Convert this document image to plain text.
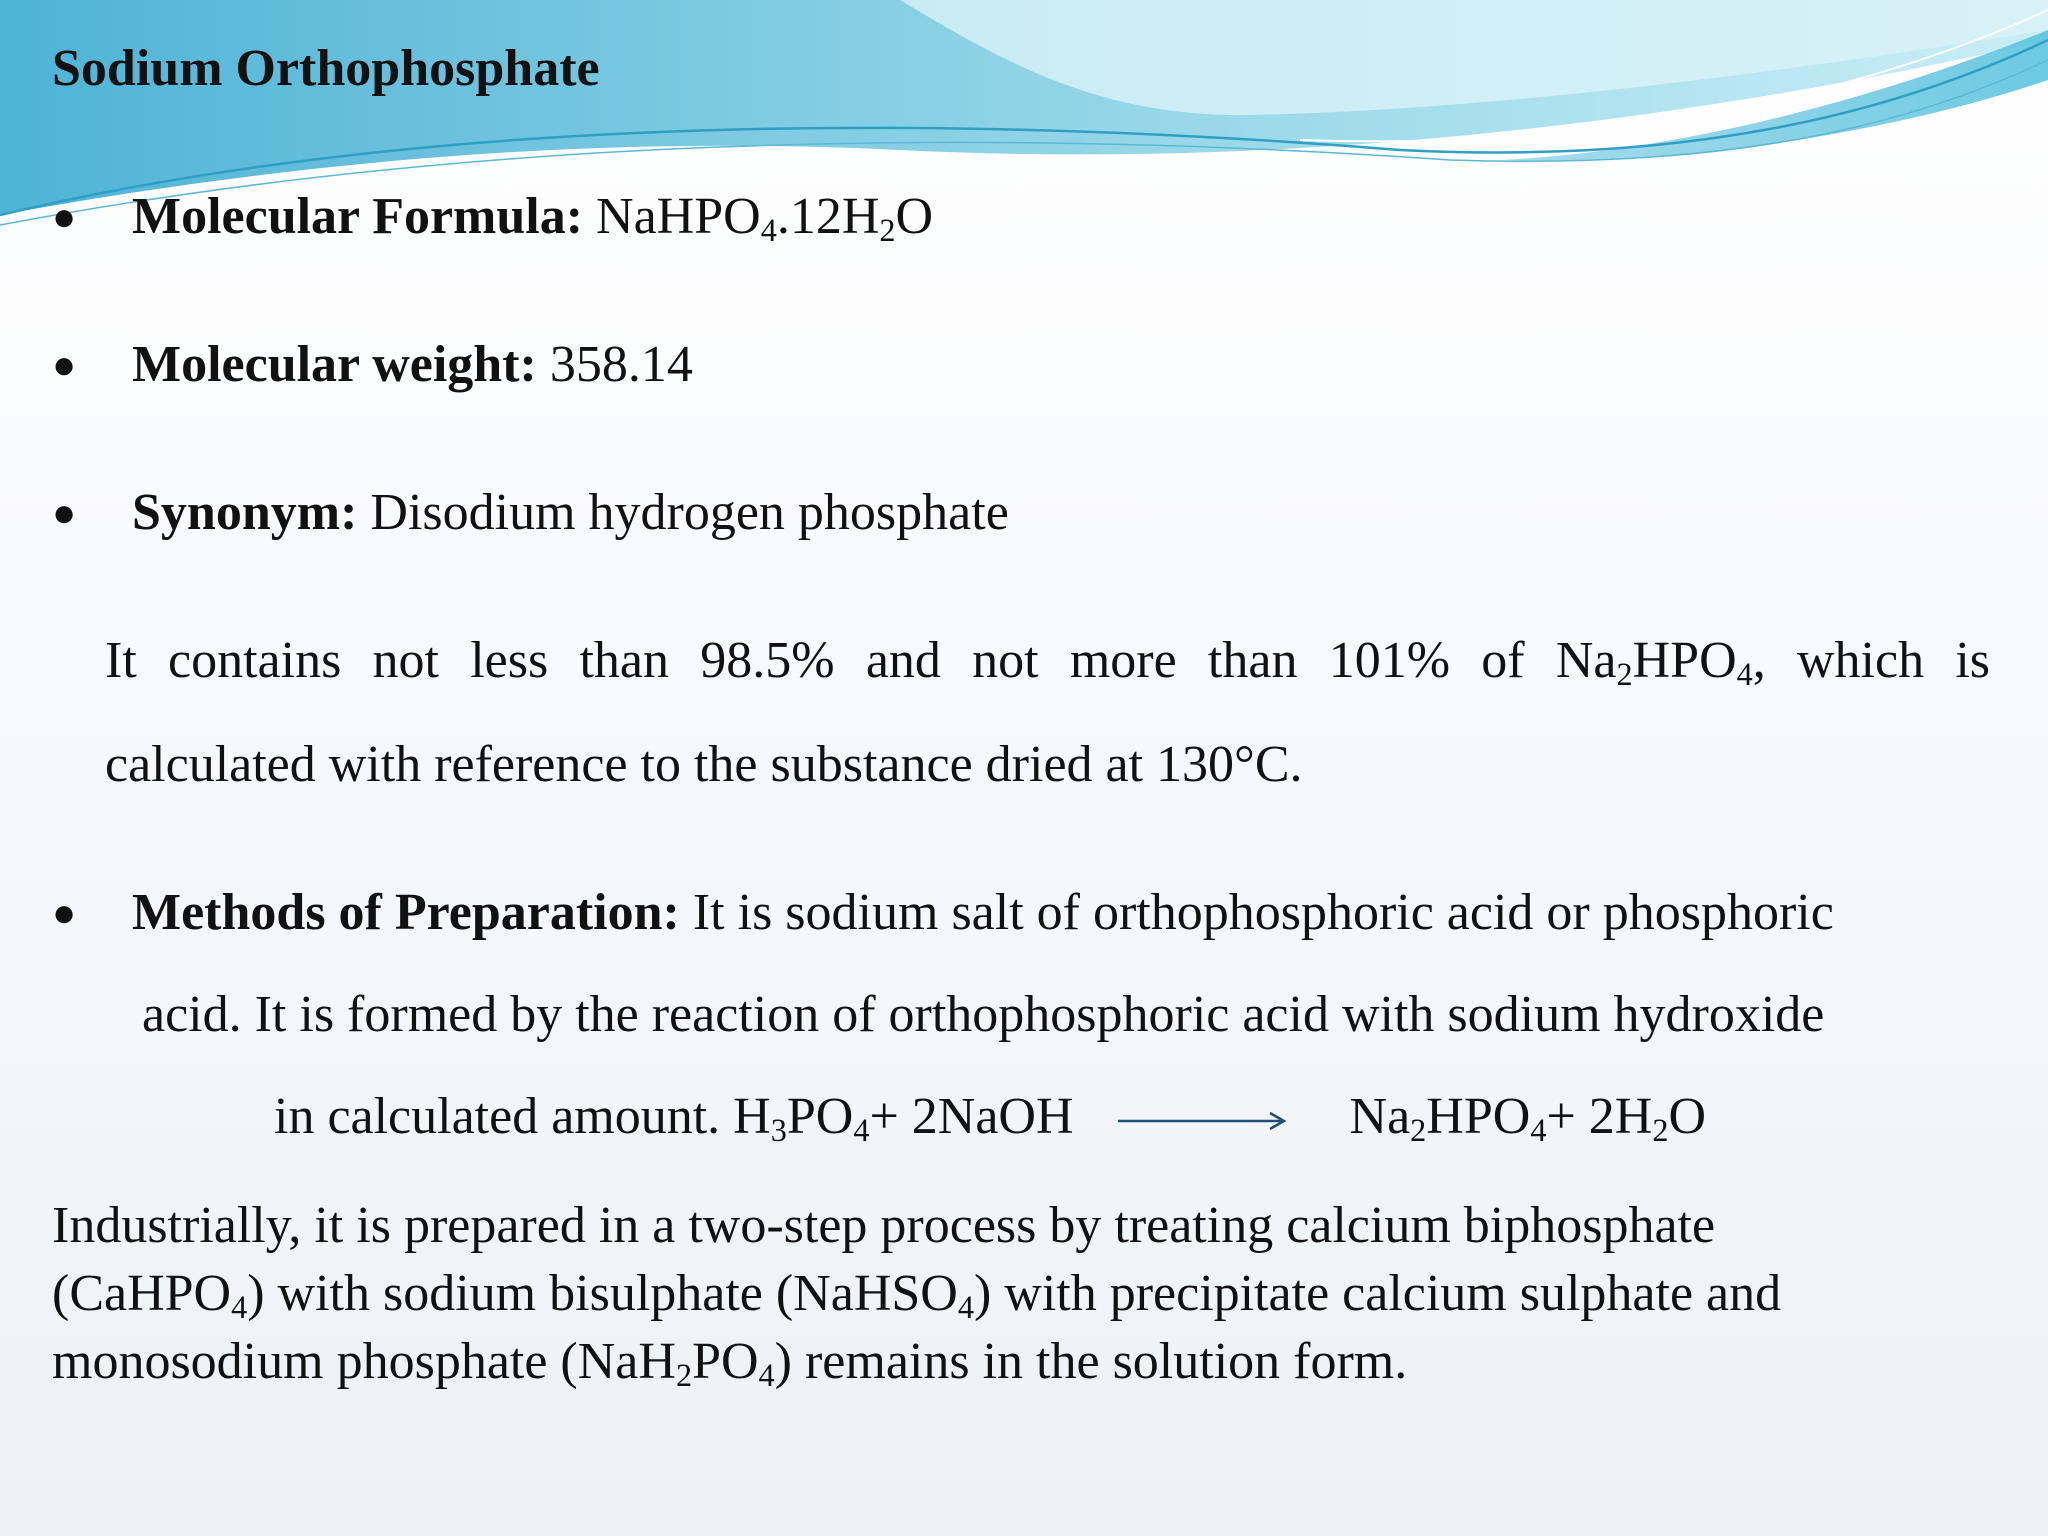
Sodium Orthophosphate
● Molecular Formula: $NaHPO_4.12H_2O$
● Molecular weight: 358.14
● Synonym: Disodium hydrogen phosphate
It contains not less than 98.5% and not more than 101% of $Na_2HPO_4$, which is
calculated with reference to the substance dried at 130°C.
● Methods of Preparation: It is sodium salt of orthophosphoric acid or phosphoric
acid. It is formed by the reaction of orthophosphoric acid with sodium hydroxide
in calculated amount. $H_3PO_4+$ 2NaOH → $Na_2HPO_4+ 2H_2O$
Industrially, it is prepared in a two-step process by treating calcium biphosphate
(CaHPO$_4$) with sodium bisulphate (NaHSO$_4$) with precipitate calcium sulphate and
monosodium phosphate $(NaH_2PO_4)$ remains in the solution form.
